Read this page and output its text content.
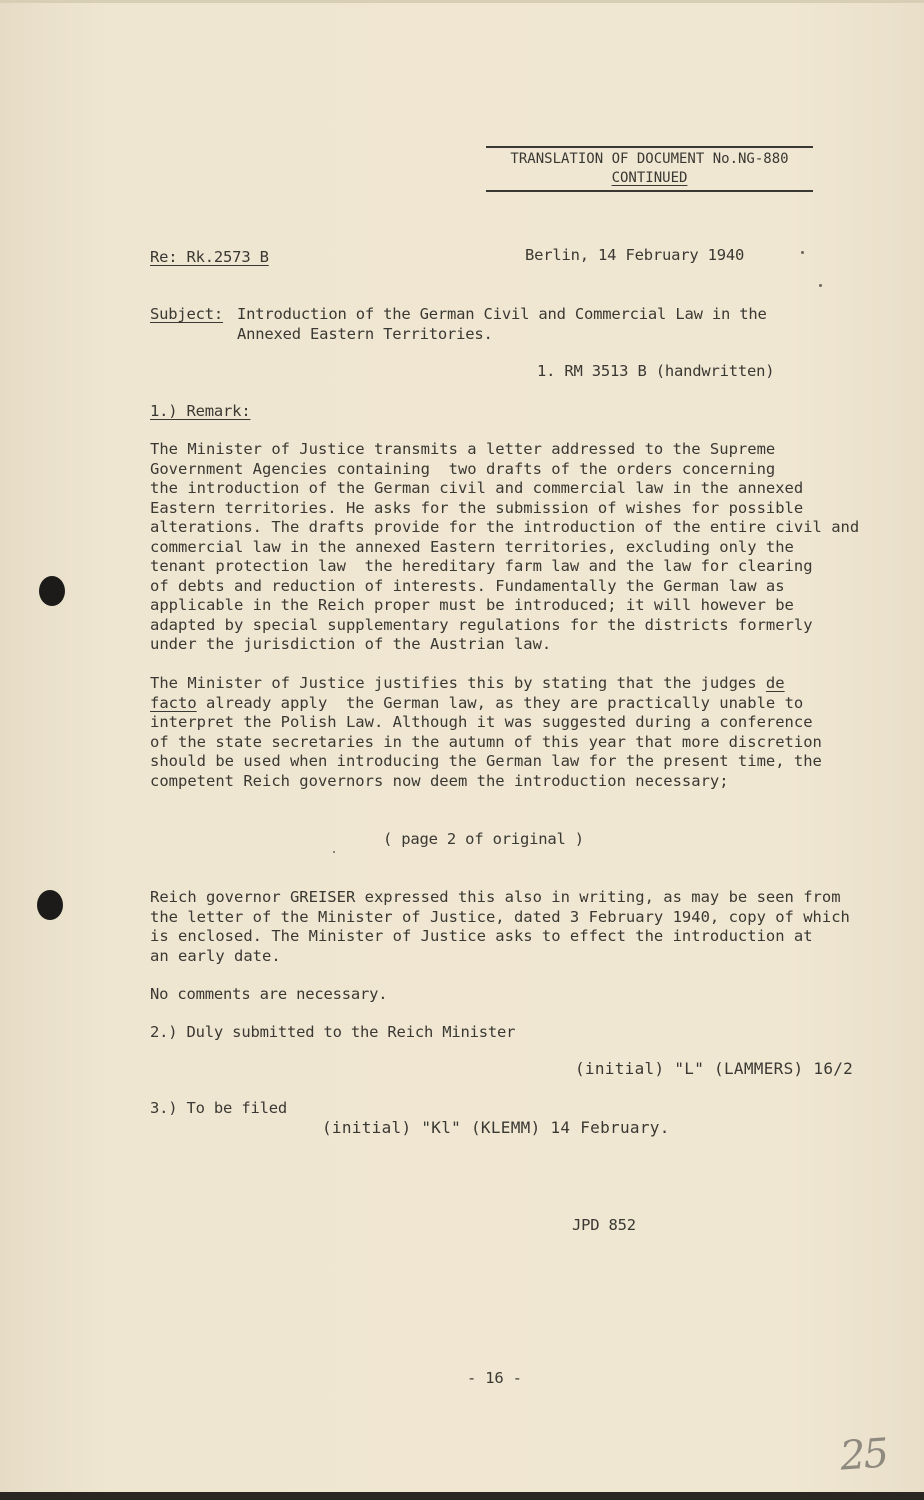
TRANSLATION OF DOCUMENT No.NG-880
CONTINUED
Re: Rk.2573 B	Berlin, 14 February 1940
Subject: Introduction of the German Civil and Commercial Law in the
Annexed Eastern Territories.
1. RM 3513 B (handwritten)
1.) Remark:
The Minister of Justice transmits a letter addressed to the Supreme
Government Agencies containing  two drafts of the orders concerning
the introduction of the German civil and commercial law in the annexed
Eastern territories. He asks for the submission of wishes for possible
alterations. The drafts provide for the introduction of the entire civil and
commercial law in the annexed Eastern territories, excluding only the
tenant protection law  the hereditary farm law and the law for clearing
of debts and reduction of interests. Fundamentally the German law as
applicable in the Reich proper must be introduced; it will however be
adapted by special supplementary regulations for the districts formerly
under the jurisdiction of the Austrian law.
The Minister of Justice justifies this by stating that the judges de
facto already apply  the German law, as they are practically unable to
interpret the Polish Law. Although it was suggested during a conference
of the state secretaries in the autumn of this year that more discretion
should be used when introducing the German law for the present time, the
competent Reich governors now deem the introduction necessary;
( page 2 of original )
Reich governor GREISER expressed this also in writing, as may be seen from
the letter of the Minister of Justice, dated 3 February 1940, copy of which
is enclosed. The Minister of Justice asks to effect the introduction at
an early date.
No comments are necessary.
2.) Duly submitted to the Reich Minister
(initial) "L" (LAMMERS) 16/2
3.) To be filed
(initial) "Kl" (KLEMM) 14 February.
JPD 852
- 16 -
25
